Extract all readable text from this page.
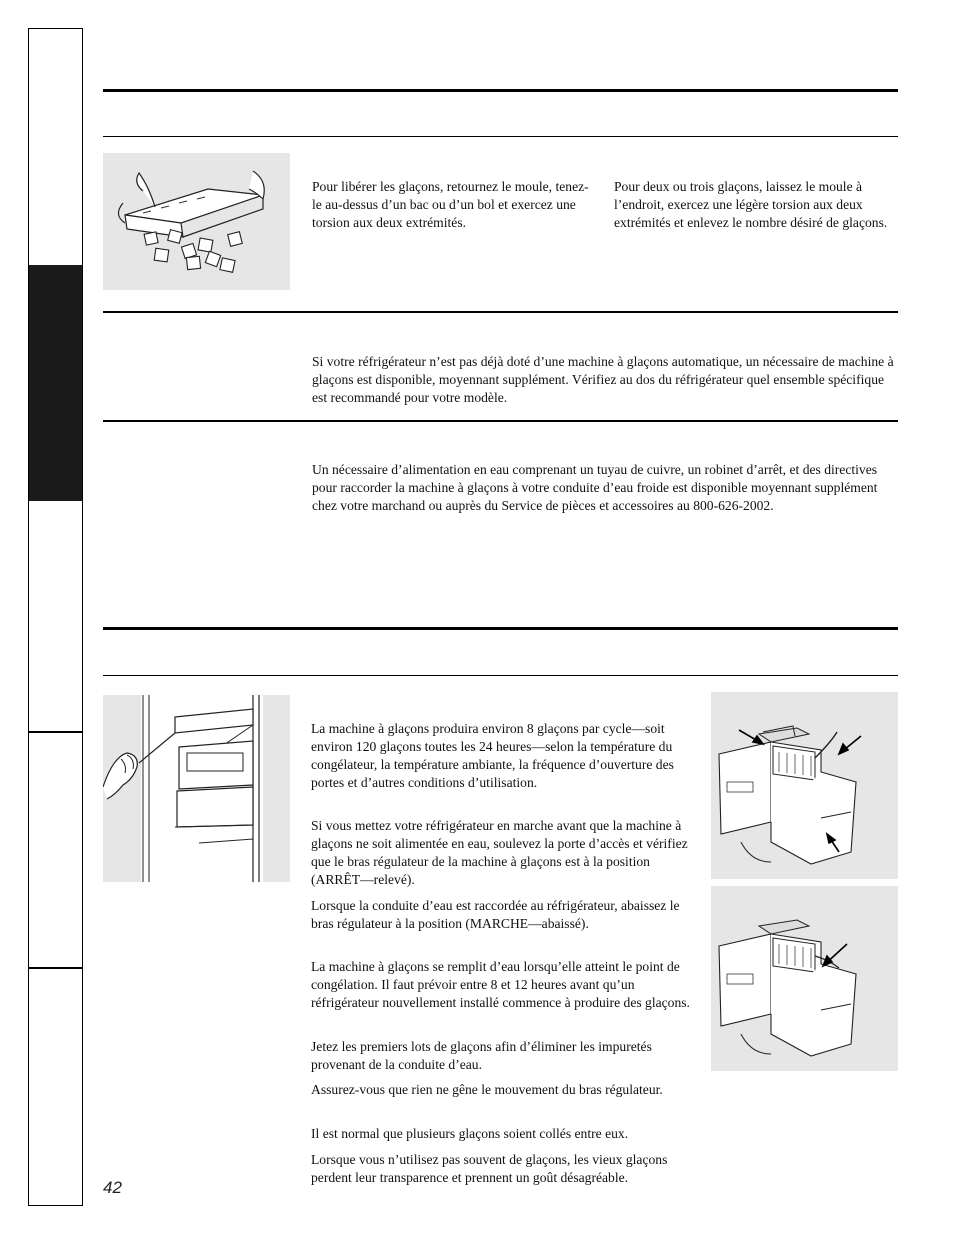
Pour libérer les glaçons, retournez le moule, tenez-le au-dessus d’un bac ou d’un bol et exercez une torsion aux deux extrémités.

Pour deux ou trois glaçons, laissez le moule à l’endroit, exercez une légère torsion aux deux extrémités et enlevez le nombre désiré de glaçons.

Si votre réfrigérateur n’est pas déjà doté d’une machine à glaçons automatique, un nécessaire de machine à glaçons est disponible, moyennant supplément. Vérifiez au dos du réfrigérateur quel ensemble spécifique est recommandé pour votre modèle.

Un nécessaire d’alimentation en eau comprenant un tuyau de cuivre, un robinet d’arrêt, et des directives pour raccorder la machine à glaçons à votre conduite d’eau froide est disponible moyennant supplément chez votre marchand ou auprès du Service de pièces et accessoires au 800-626-2002.

La machine à glaçons produira environ 8 glaçons par cycle—soit environ 120 glaçons toutes les 24 heures—selon la température du congélateur, la température ambiante, la fréquence d’ouverture des portes et d’autres conditions d’utilisation.

Si vous mettez votre réfrigérateur en marche avant que la machine à glaçons ne soit alimentée en eau, soulevez la porte d’accès et vérifiez que le bras régulateur de la machine à glaçons est à la position (ARRÊT—relevé).

Lorsque la conduite d’eau est raccordée au réfrigérateur, abaissez le bras régulateur à la position (MARCHE—abaissé).

La machine à glaçons se remplit d’eau lorsqu’elle atteint le point de congélation. Il faut prévoir entre 8 et 12 heures avant qu’un réfrigérateur nouvellement installé commence à produire des glaçons.

Jetez les premiers lots de glaçons afin d’éliminer les impuretés provenant de la conduite d’eau.

Assurez-vous que rien ne gêne le mouvement du bras régulateur.

Il est normal que plusieurs glaçons soient collés entre eux.

Lorsque vous n’utilisez pas souvent de glaçons, les vieux glaçons perdent leur transparence et prennent un goût désagréable.

42
